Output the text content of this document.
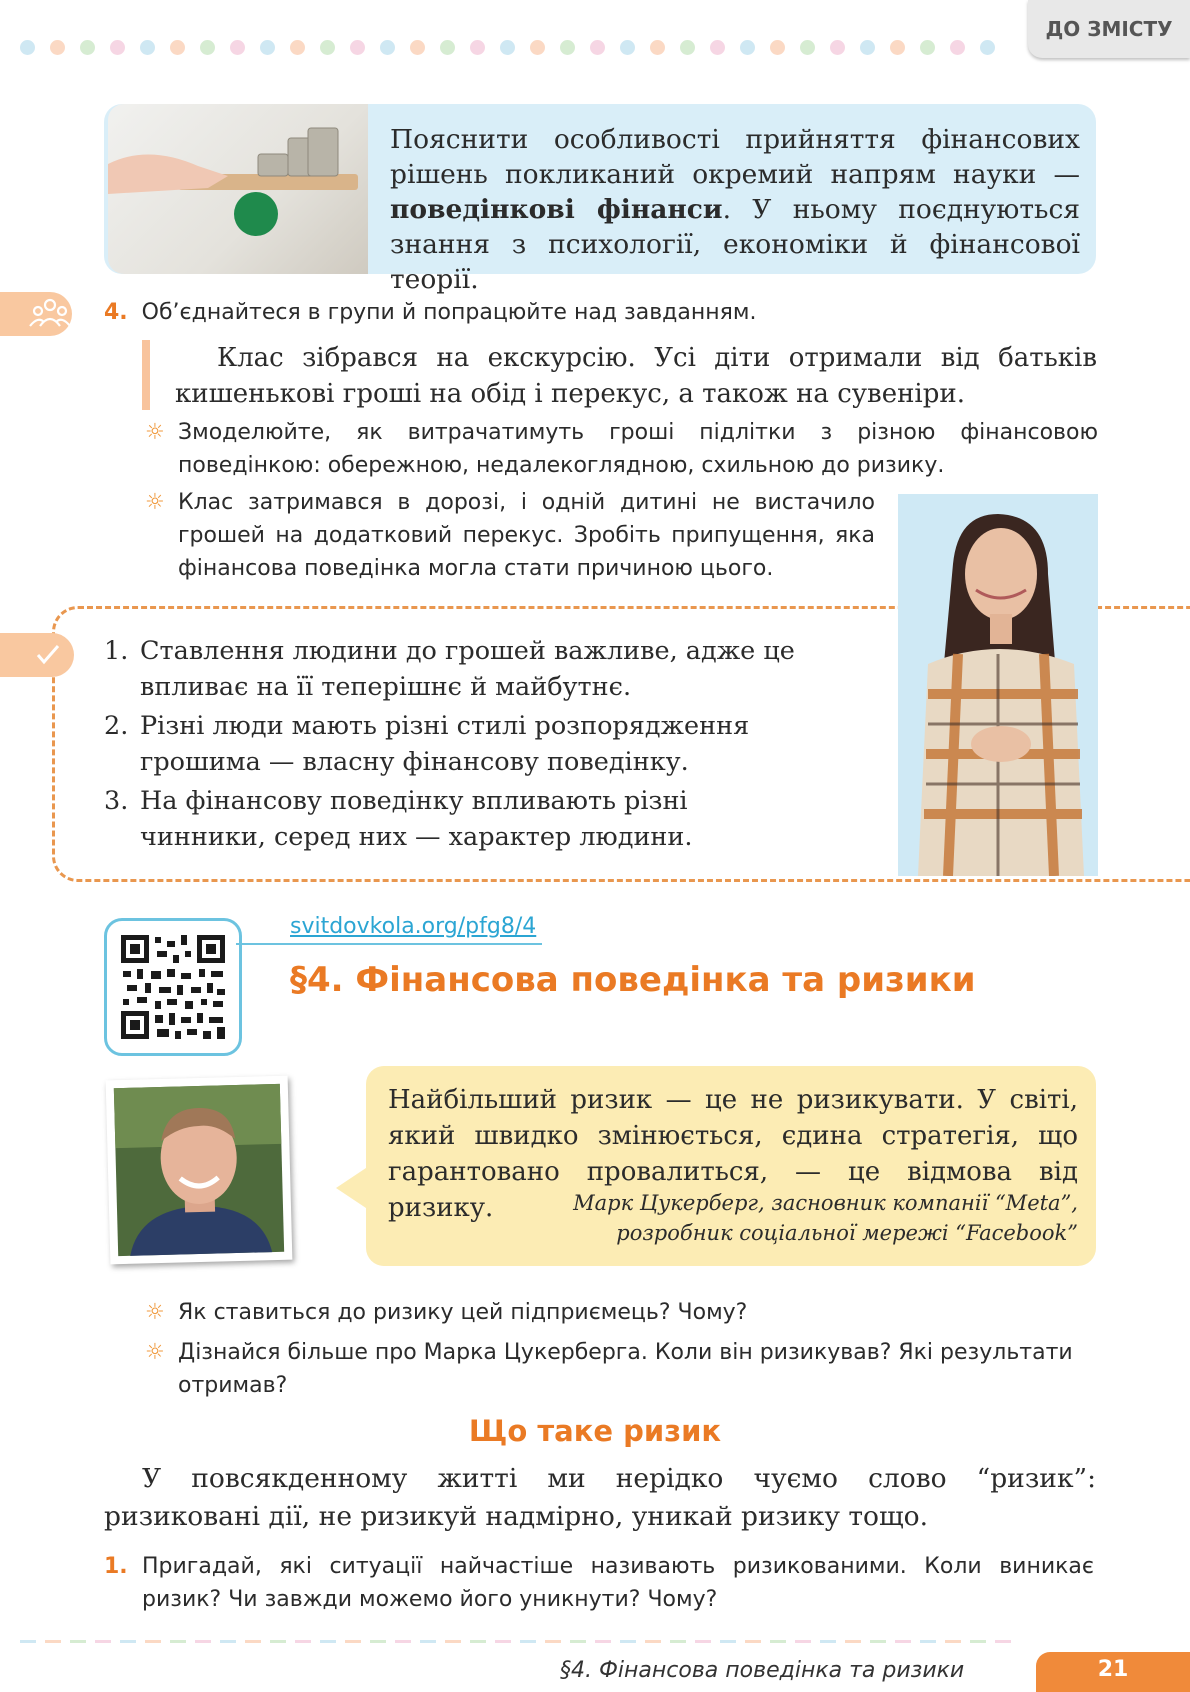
ДО ЗМІСТУ
Пояснити особливості прийняття фінансових рішень покликаний окремий напрям науки — поведінкові фінанси. У ньому поєднуються знання з психології, економіки й фінансової теорії.
4. Об’єднайтеся в групи й попрацюйте над завданням.
Клас зібрався на екскурсію. Усі діти отримали від батьків кишенькові гроші на обід і перекус, а також на сувеніри.
☼ Змоделюйте, як витрачатимуть гроші підлітки з різною фінансовою поведінкою: обережною, недалекоглядною, схильною до ризику.
☼ Клас затримався в дорозі, і одній дитині не вистачило грошей на додатковий перекус. Зробіть припущення, яка фінансова поведінка могла стати причиною цього.
1. Ставлення людини до грошей важливе, адже це впливає на її теперішнє й майбутнє.
2. Різні люди мають різні стилі розпорядження грошима — власну фінансову поведінку.
3. На фінансову поведінку впливають різні чинники, серед них — характер людини.
svitdovkola.org/pfg8/4
§4. Фінансова поведінка та ризики
Найбільший ризик — це не ризикувати. У світі, який швидко змінюється, єдина стратегія, що гарантовано провалиться, — це відмова від ризику.	Марк Цукерберг, засновник компанії “Meta”,
розробник соціальної мережі “Facebook”
☼ Як ставиться до ризику цей підприємець? Чому?
☼ Дізнайся більше про Марка Цукерберга. Коли він ризикував? Які результати отримав?
Що таке ризик
У повсякденному житті ми нерідко чуємо слово “ризик”: ризиковані дії, не ризикуй надмірно, уникай ризику тощо.
1. Пригадай, які ситуації найчастіше називають ризикованими. Коли виникає ризик? Чи завжди можемо його уникнути? Чому?
§4. Фінансова поведінка та ризики	21
